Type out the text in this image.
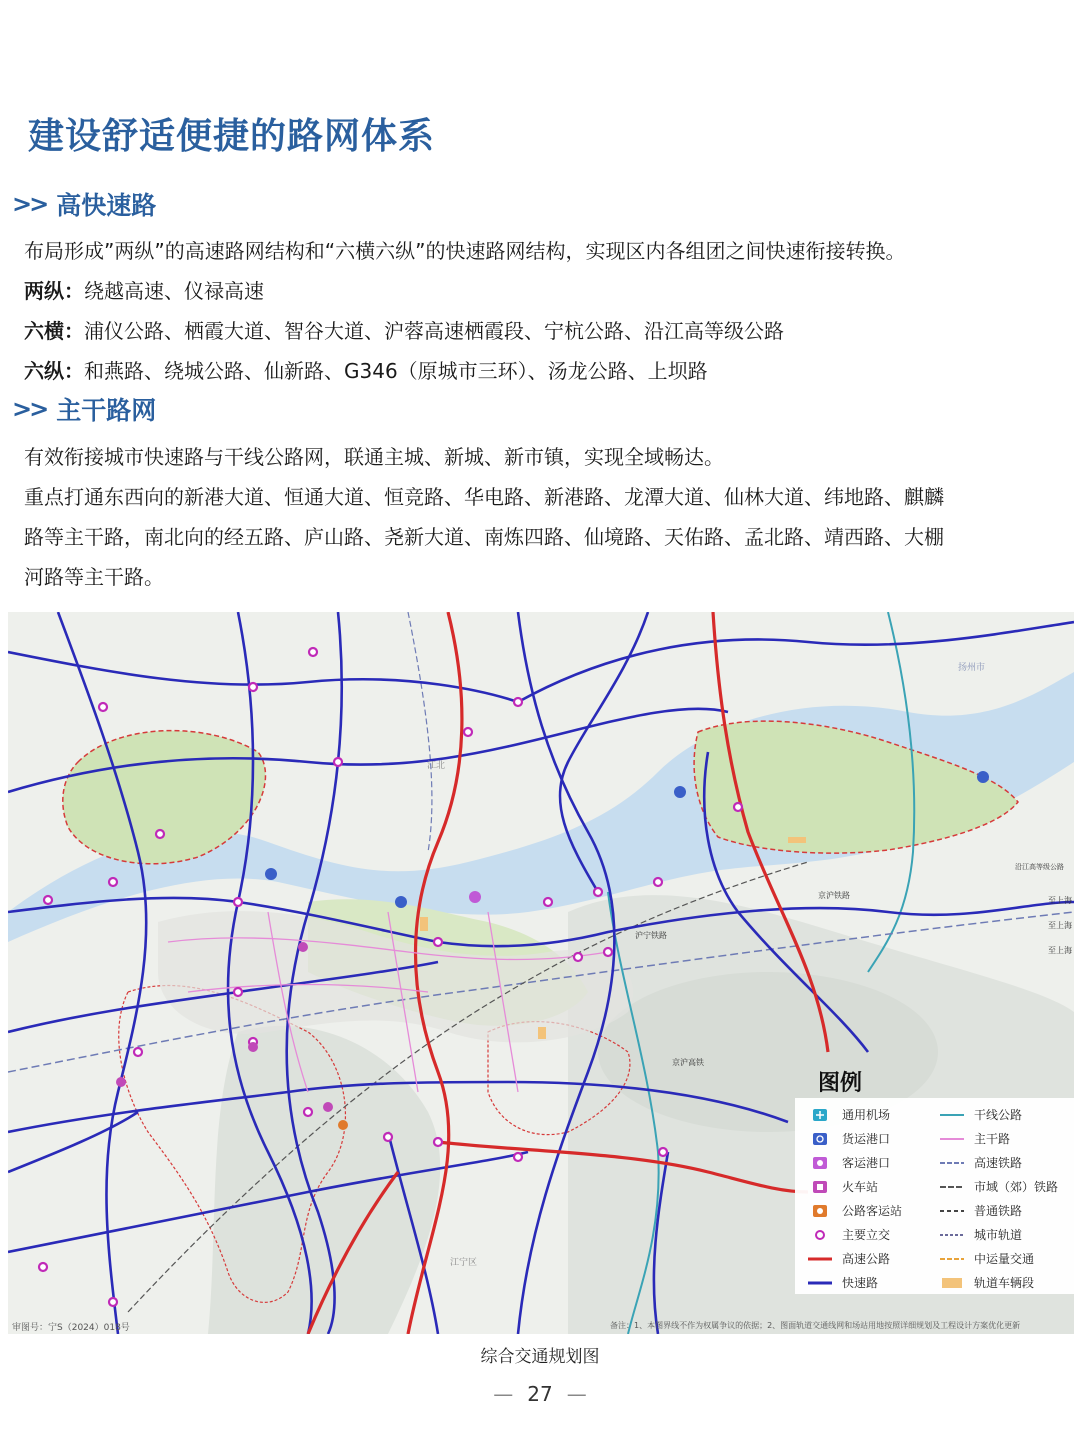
建设舒适便捷的路网体系
>> 高快速路
布局形成”两纵”的高速路网结构和“六横六纵”的快速路网结构，实现区内各组团之间快速衔接转换。
两纵：绕越高速、仪禄高速
六横：浦仪公路、栖霞大道、智谷大道、沪蓉高速栖霞段、宁杭公路、沿江高等级公路
六纵：和燕路、绕城公路、仙新路、G346（原城市三环）、汤龙公路、上坝路
>> 主干路网
有效衔接城市快速路与干线公路网，联通主城、新城、新市镇，实现全域畅达。
重点打通东西向的新港大道、恒通大道、恒竞路、华电路、新港路、龙潭大道、仙林大道、纬地路、麒麟
路等主干路，南北向的经五路、庐山路、尧新大道、南炼四路、仙境路、天佑路、孟北路、靖西路、大棚
河路等主干路。
扬州市
沪宁铁路
京沪铁路
京沪高铁
至上海
至上海
至上海
江北
江宁区
沿江高等级公路
审图号：宁S（2024）018号	备注：1、本图界线不作为权属争议的依据；2、图面轨道交通线网和场站用地按照详细规划及工程设计方案优化更新
图例
通用机场	干线公路
货运港口	主干路
客运港口	高速铁路
火车站	市域（郊）铁路
公路客运站	普通铁路
主要立交	城市轨道
高速公路	中运量交通
快速路	轨道车辆段
综合交通规划图
— 27 —
